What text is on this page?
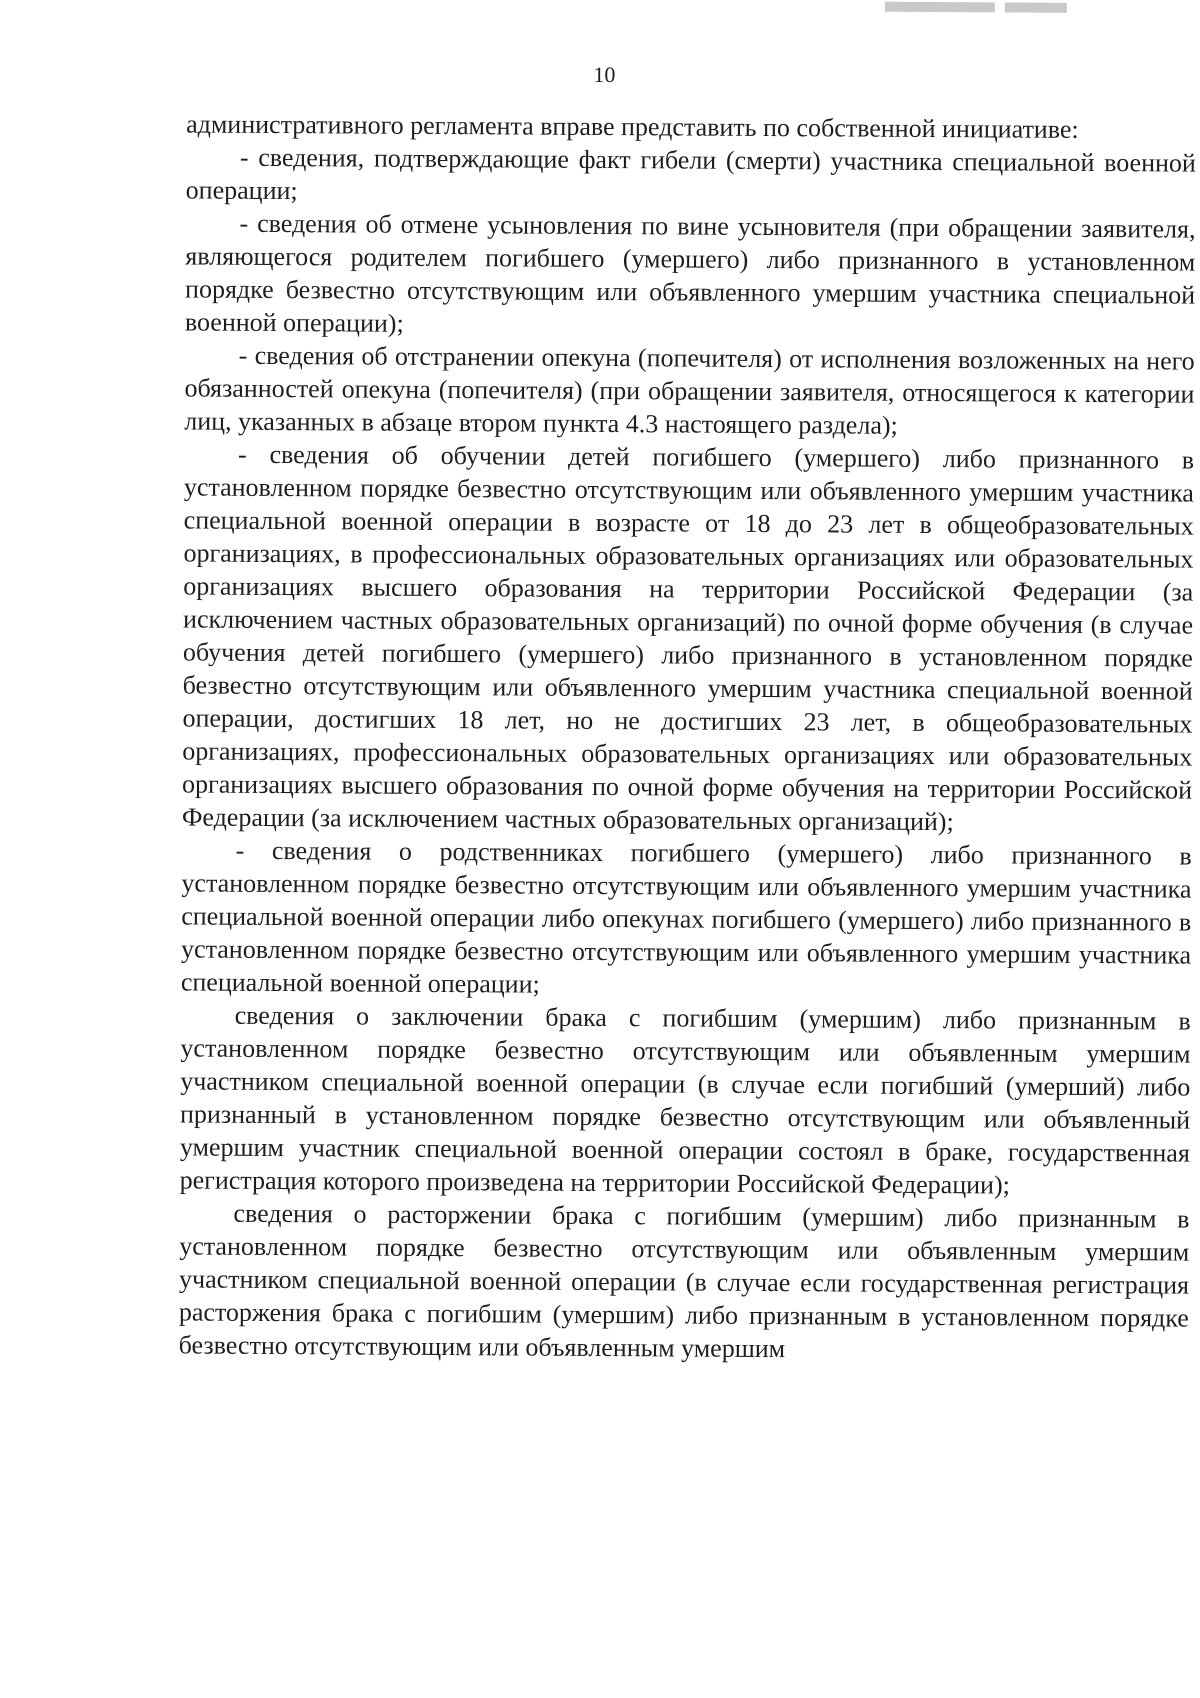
10

административного регламента вправе представить по собственной инициативе:

- сведения, подтверждающие факт гибели (смерти) участника специальной военной операции;

- сведения об отмене усыновления по вине усыновителя (при обращении заявителя, являющегося родителем погибшего (умершего) либо признанного в установленном порядке безвестно отсутствующим или объявленного умершим участника специальной военной операции);

- сведения об отстранении опекуна (попечителя) от исполнения возложенных на него обязанностей опекуна (попечителя) (при обращении заявителя, относящегося к категории лиц, указанных в абзаце втором пункта 4.3 настоящего раздела);

- сведения об обучении детей погибшего (умершего) либо признанного в установленном порядке безвестно отсутствующим или объявленного умершим участника специальной военной операции в возрасте от 18 до 23 лет в общеобразовательных организациях, в профессиональных образовательных организациях или образовательных организациях высшего образования на территории Российской Федерации (за исключением частных образовательных организаций) по очной форме обучения (в случае обучения детей погибшего (умершего) либо признанного в установленном порядке безвестно отсутствующим или объявленного умершим участника специальной военной операции, достигших 18 лет, но не достигших 23 лет, в общеобразовательных организациях, профессиональных образовательных организациях или образовательных организациях высшего образования по очной форме обучения на территории Российской Федерации (за исключением частных образовательных организаций);

- сведения о родственниках погибшего (умершего) либо признанного в установленном порядке безвестно отсутствующим или объявленного умершим участника специальной военной операции либо опекунах погибшего (умершего) либо признанного в установленном порядке безвестно отсутствующим или объявленного умершим участника специальной военной операции;

сведения о заключении брака с погибшим (умершим) либо признанным в установленном порядке безвестно отсутствующим или объявленным умершим участником специальной военной операции (в случае если погибший (умерший) либо признанный в установленном порядке безвестно отсутствующим или объявленный умершим участник специальной военной операции состоял в браке, государственная регистрация которого произведена на территории Российской Федерации);

сведения о расторжении брака с погибшим (умершим) либо признанным в установленном порядке безвестно отсутствующим или объявленным умершим участником специальной военной операции (в случае если государственная регистрация расторжения брака с погибшим (умершим) либо признанным в установленном порядке безвестно отсутствующим или объявленным умершим
